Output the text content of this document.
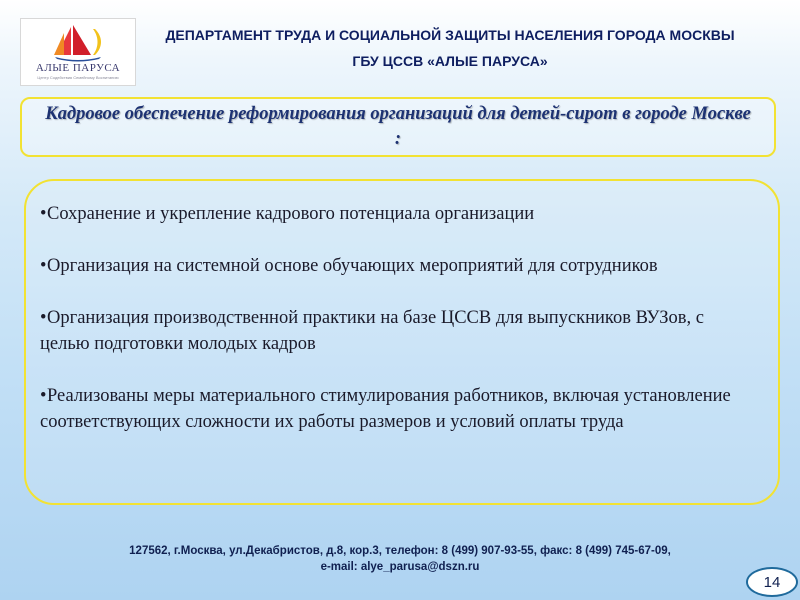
АЛЫЕ ПАРУСА
Центр Содействия Семейному Воспитанию
ДЕПАРТАМЕНТ ТРУДА И СОЦИАЛЬНОЙ ЗАЩИТЫ НАСЕЛЕНИЯ ГОРОДА МОСКВЫ
ГБУ ЦССВ «АЛЫЕ ПАРУСА»
Кадровое обеспечение реформирования организаций для детей-сирот в городе Москве :
•Сохранение и укрепление кадрового потенциала организации
•Организация на системной основе обучающих мероприятий для сотрудников
•Организация производственной практики на базе ЦССВ для выпускников ВУЗов, с целью подготовки молодых кадров
•Реализованы меры материального стимулирования работников, включая установление соответствующих сложности их работы размеров и условий оплаты труда
127562, г.Москва, ул.Декабристов, д.8, кор.3, телефон: 8 (499) 907-93-55, факс: 8 (499) 745-67-09,
e-mail: alye_parusa@dszn.ru
14
